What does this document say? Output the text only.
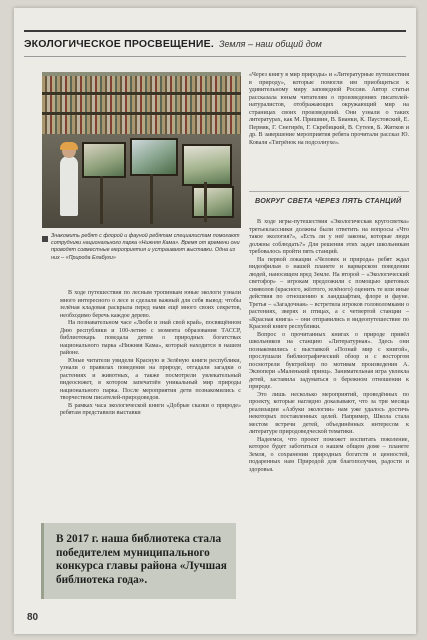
ЭКОЛОГИЧЕСКОЕ ПРОСВЕЩЕНИЕ. Земля – наш общий дом
Знакомить ребят с флорой и фауной ребятам специалистам помогают сотрудники национального парка «Нижняя Кама». Время от времени они проводят совместные мероприятия и устраивают выставки. Одна из них – «Природа Елабуги»

В ходе путешествия по лесным тропинкам юные экологи узнали много интересного о лесе и сделали важный для себя вывод: чтобы зелёная кладовая раскрыла перед нами ещё много своих секретов, необходимо беречь каждое дерево.

На познавательном часе «Люби и знай свой край», посвящённом Дню республики и 100-летию с момента образования ТАССР, библиотекарь поведала детям о природных богатствах национального парка «Нижняя Кама», который находится в нашем районе.

Юные читатели увидели Красную и Зелёную книги республики, узнали о правилах поведения на природе, отгадали загадки о растениях и животных, а также посмотрели увлекательный видеосюжет, в котором запечатлён уникальный мир природы национального парка. После мероприятия дети познакомились с творчеством писателей-природоведов.

В рамках часа экологической книги «Добрые сказки о природе» ребятам представили выставки

«Через книгу в мир природы» и «Литературные путешествия в природу», которые помогли им приобщиться к удивительному миру заповедной России. Автор статьи рассказала юным читателям о произведениях писателей-натуралистов, отображающих окружающий мир на страницах своих произведений. Они узнали о таких литературах, как М. Пришвин, В. Бианки, К. Паустовский, Е. Пермяк, Г. Снегирёв, Г. Скребицкий, В. Сутеев, Б. Житков и др. В завершение мероприятия ребята прочитали рассказ Ю. Коваля «Тигрёнок на подсолнухе».

ВОКРУГ СВЕТА ЧЕРЕЗ ПЯТЬ СТАНЦИЙ

В ходе игры-путешествия «Экологическая кругосветка» третьеклассники должны были ответить на вопросы «Что такое экология?», «Есть ли у неё законы, которые люди должны соблюдать?» Для решения этих задач школьникам требовалось пройти пять станций.

На первой локации «Человек и природа» ребят ждал видеофильм о нашей планете и варварском поведении людей, наносящем вред Земле. На второй – «Экологический светофор» – игрокам предложили с помощью цветовых символов (красного, жёлтого, зелёного) оценить те или иные действия по отношению к ландшафтам, флоре и фауне. Третья – «Загадочная» – встретила игроков головоломками о растениях, зверях и птицах, а с четвертой станции – «Красная книга» – они отправились в видеопутешествие по Красной книге республики.

Вопрос о прочитанных книгах о природе привёл школьников на станцию «Литературная». Здесь они познакомились с выставкой «Познай мир с книгой», прослушали библиографический обзор и с восторгом посмотрели буктрейлер по мотивам произведения А. Экзюпери «Маленький принц». Занимательная игра увлекла детей, заставила задуматься о бережном отношении к природе.

Это лишь несколько мероприятий, проведённых по проекту, которые наглядно доказывают, что за три месяца реализации «Азбуки экологии» нам уже удалось достичь некоторых поставленных целей. Например, Школа стала местом встречи детей, объединённых интересом к литературе природоведческой тематики.

Надеемся, что проект поможет воспитать поколение, которое будет заботиться о нашем общем доме – планете Земля, о сохранении природных богатств и ценностей, подаренных нам Природой для благополучия, радости и здоровья.

В 2017 г. наша библиотека стала победителем муниципального конкурса главы района «Лучшая библиотека года».
80
